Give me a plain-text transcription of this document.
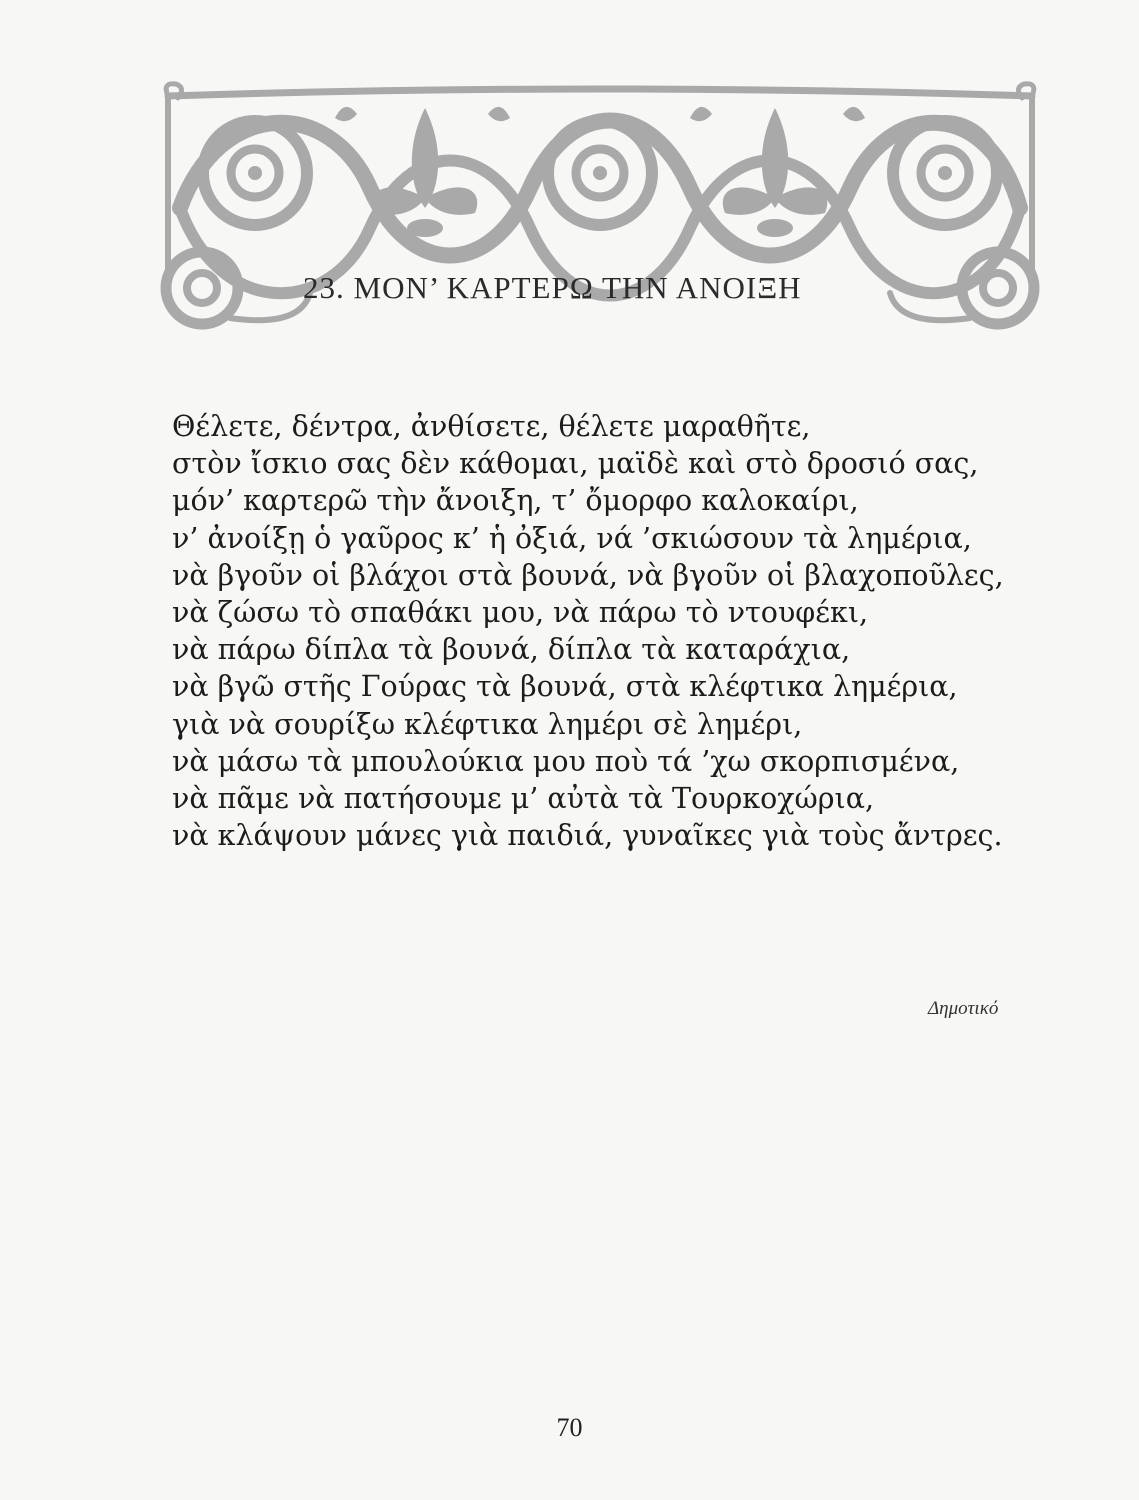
23. ΜΟΝ’ ΚΑΡΤΕΡΩ ΤΗΝ ΑΝΟΙΞΗ
Θέλετε, δέντρα, ἀνθίσετε, θέλετε μαραθῆτε,
στὸν ἴσκιο σας δὲν κάθομαι, μαϊδὲ καὶ στὸ δροσιό σας,
μόν’ καρτερῶ τὴν ἄνοιξη, τ’ ὄμορφο καλοκαίρι,
ν’ ἀνοίξῃ ὁ γαῦρος κ’ ἡ ὀξιά, νά ’σκιώσουν τὰ λημέρια,
νὰ βγοῦν οἱ βλάχοι στὰ βουνά, νὰ βγοῦν οἱ βλαχοποῦλες,
νὰ ζώσω τὸ σπαθάκι μου, νὰ πάρω τὸ ντουφέκι,
νὰ πάρω δίπλα τὰ βουνά, δίπλα τὰ καταράχια,
νὰ βγῶ στῆς Γούρας τὰ βουνά, στὰ κλέφτικα λημέρια,
γιὰ νὰ σουρίξω κλέφτικα λημέρι σὲ λημέρι,
νὰ μάσω τὰ μπουλούκια μου ποὺ τά ’χω σκορπισμένα,
νὰ πᾶμε νὰ πατήσουμε μ’ αὐτὰ τὰ Τουρκοχώρια,
νὰ κλάψουν μάνες γιὰ παιδιά, γυναῖκες γιὰ τοὺς ἄντρες.
Δημοτικό
70
